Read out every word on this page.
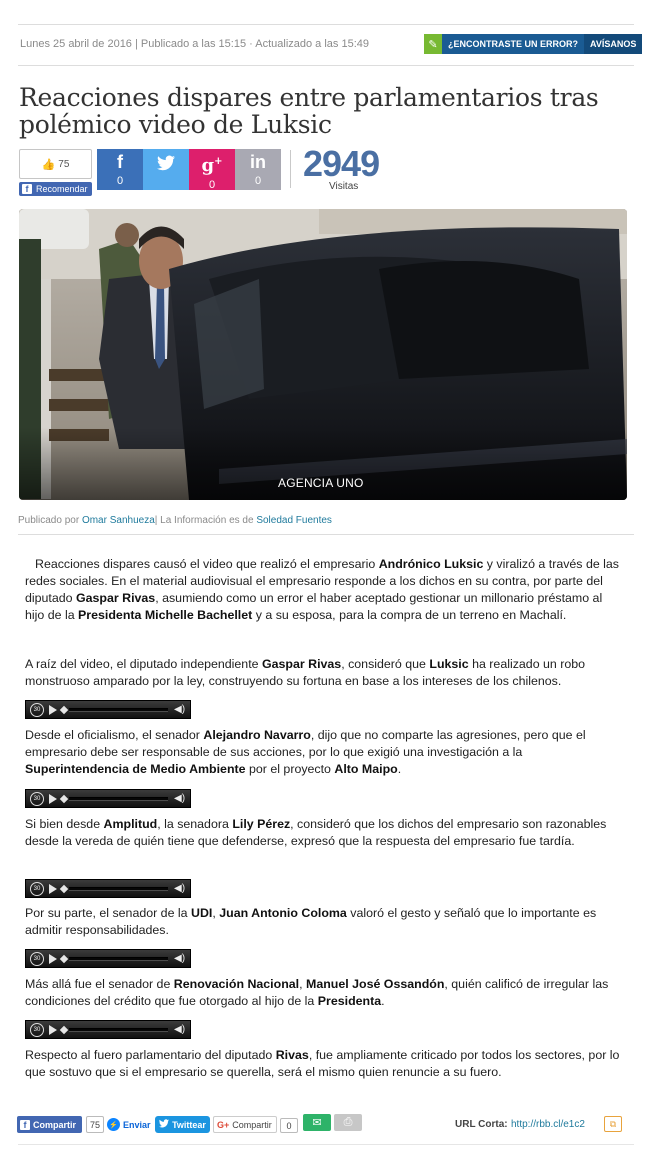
Lunes 25 abril de 2016 | Publicado a las 15:15 · Actualizado a las 15:49	✎	¿ENCONTRASTE UN ERROR?	AVÍSANOS
Reacciones dispares entre parlamentarios tras polémico video de Luksic
👍 75
f Recomendar
f
0
g+
0
in
0	2949
Visitas
AGENCIA UNO
Publicado por Omar Sanhueza| La Información es de Soledad Fuentes

Reacciones dispares causó el video que realizó el empresario Andrónico Luksic y viralizó a través de las redes sociales. En el material audiovisual el empresario responde a los dichos en su contra, por parte del diputado Gaspar Rivas, asumiendo como un error el haber aceptado gestionar un millonario préstamo al hijo de la Presidenta Michelle Bachellet y a su esposa, para la compra de un terreno en Machalí.

A raíz del video, el diputado independiente Gaspar Rivas, consideró que Luksic ha realizado un robo monstruoso amparado por la ley, construyendo su fortuna en base a los intereses de los chilenos.

30	◀)

Desde el oficialismo, el senador Alejandro Navarro, dijo que no comparte las agresiones, pero que el empresario debe ser responsable de sus acciones, por lo que exigió una investigación a la Superintendencia de Medio Ambiente por el proyecto Alto Maipo.

30	◀)

Si bien desde Amplitud, la senadora Lily Pérez, consideró que los dichos del empresario son razonables desde la vereda de quién tiene que defenderse, expresó que la respuesta del empresario fue tardía.

30	◀)

Por su parte, el senador de la UDI, Juan Antonio Coloma valoró el gesto y señaló que lo importante es admitir responsabilidades.

30	◀)

Más allá fue el senador de Renovación Nacional, Manuel José Ossandón, quién calificó de irregular las condiciones del crédito que fue otorgado al hijo de la Presidenta.

30	◀)

Respecto al fuero parlamentario del diputado Rivas, fue ampliamente criticado por todos los sectores, por lo que sostuvo que si el empresario se querella, será el mismo quien renuncie a su fuero.

f Compartir	75	⚡ Enviar Twittear G+ Compartir	0	✉ ⎙	URL Corta: http://rbb.cl/e1c2	⧉
